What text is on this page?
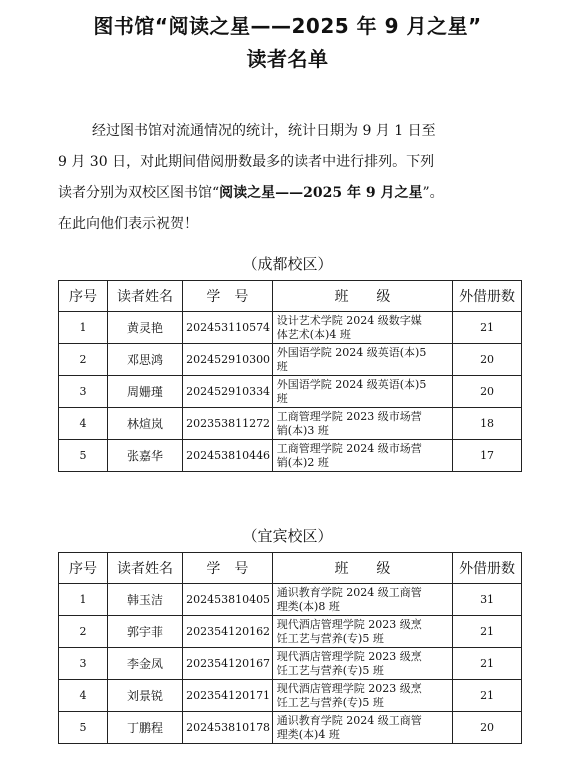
图书馆“阅读之星——2025 年 9 月之星”
读者名单

经过图书馆对流通情况的统计，统计日期为 9 月 1 日至

9 月 30 日，对此期间借阅册数最多的读者中进行排列。下列

读者分别为双校区图书馆“阅读之星——2025 年 9 月之星”。

在此向他们表示祝贺！

（成都校区）
序号	读者姓名	学　号	班　　级	外借册数
1	黄灵艳	202453110574	设计艺术学院 2024 级数字媒
体艺术(本)4 班	21
2	邓思鸿	202452910300	外国语学院 2024 级英语(本)5
班	20
3	周姗瑾	202452910334	外国语学院 2024 级英语(本)5
班	20
4	林煊岚	202353811272	工商管理学院 2023 级市场营
销(本)3 班	18
5	张嘉华	202453810446	工商管理学院 2024 级市场营
销(本)2 班	17
（宜宾校区）
序号	读者姓名	学　号	班　　级	外借册数
1	韩玉洁	202453810405	通识教育学院 2024 级工商管
理类(本)8 班	31
2	郭宇菲	202354120162	现代酒店管理学院 2023 级烹
饪工艺与营养(专)5 班	21
3	李金凤	202354120167	现代酒店管理学院 2023 级烹
饪工艺与营养(专)5 班	21
4	刘景锐	202354120171	现代酒店管理学院 2023 级烹
饪工艺与营养(专)5 班	21
5	丁鹏程	202453810178	通识教育学院 2024 级工商管
理类(本)4 班	20
